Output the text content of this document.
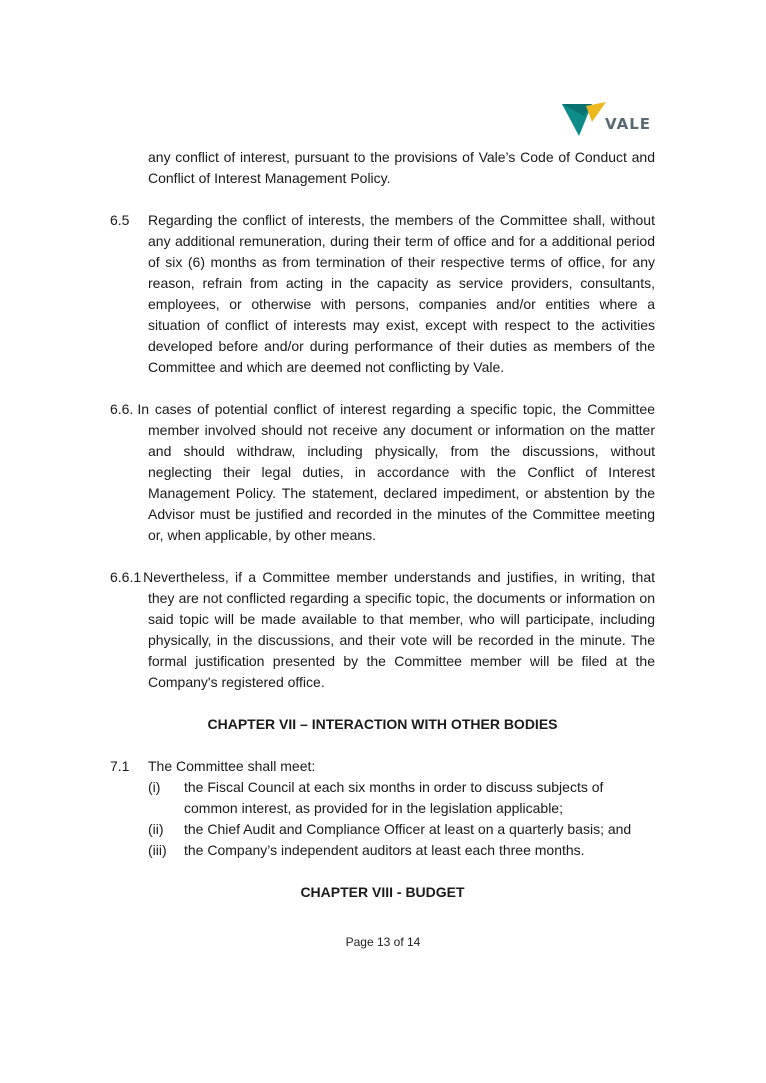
VALE

any conflict of interest, pursuant to the provisions of Vale’s Code of Conduct and Conflict of Interest Management Policy.

6.5 Regarding the conflict of interests, the members of the Committee shall, without any additional remuneration, during their term of office and for a additional period of six (6) months as from termination of their respective terms of office, for any reason, refrain from acting in the capacity as service providers, consultants, employees, or otherwise with persons, companies and/or entities where a situation of conflict of interests may exist, except with respect to the activities developed before and/or during performance of their duties as members of the Committee and which are deemed not conflicting by Vale.
6.6. In cases of potential conflict of interest regarding a specific topic, the Committee member involved should not receive any document or information on the matter and should withdraw, including physically, from the discussions, without neglecting their legal duties, in accordance with the Conflict of Interest Management Policy. The statement, declared impediment, or abstention by the Advisor must be justified and recorded in the minutes of the Committee meeting or, when applicable, by other means.
6.6.1 Nevertheless, if a Committee member understands and justifies, in writing, that they are not conflicted regarding a specific topic, the documents or information on said topic will be made available to that member, who will participate, including physically, in the discussions, and their vote will be recorded in the minute. The formal justification presented by the Committee member will be filed at the Company's registered office.

CHAPTER VII – INTERACTION WITH OTHER BODIES

7.1 The Committee shall meet:
(i) the Fiscal Council at each six months in order to discuss subjects of common interest, as provided for in the legislation applicable;
(ii) the Chief Audit and Compliance Officer at least on a quarterly basis; and
(iii) the Company’s independent auditors at least each three months.

CHAPTER VIII - BUDGET

Page 13 of 14
